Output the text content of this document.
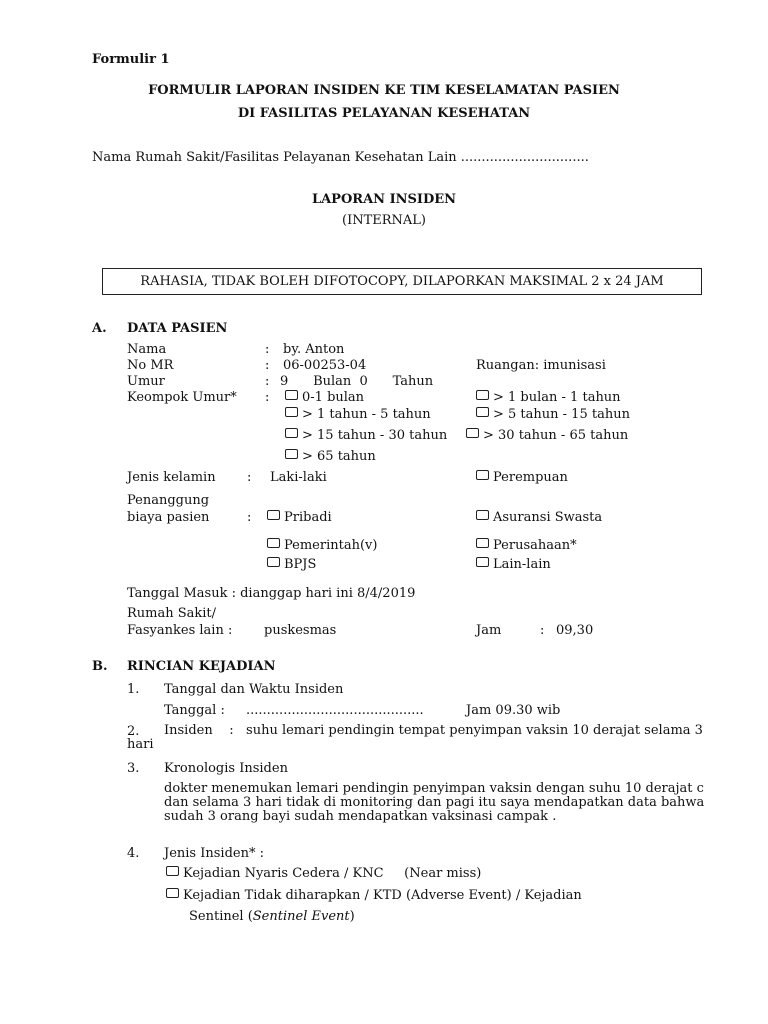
Formulir 1
FORMULIR LAPORAN INSIDEN KE TIM KESELAMATAN PASIEN
DI FASILITAS PELAYANAN KESEHATAN
Nama Rumah Sakit/Fasilitas Pelayanan Kesehatan Lain ...............................
LAPORAN INSIDEN
(INTERNAL)
RAHASIA, TIDAK BOLEH DIFOTOCOPY, DILAPORKAN MAKSIMAL 2 x 24 JAM
A. DATA PASIEN
Nama	: by. Anton
No MR	: 06-00253-04	Ruangan: imunisasi
Umur	: 9      Bulan  0      Tahun
Keompok Umur* :	0-1 bulan	> 1 bulan - 1 tahun
> 1 tahun - 5 tahun	> 5 tahun - 15 tahun
> 15 tahun - 30 tahun	> 30 tahun - 65 tahun
> 65 tahun
Jenis kelamin : Laki-laki	Perempuan
Penanggung
biaya pasien	:	Pribadi	Asuransi Swasta
Pemerintah(v)	Perusahaan*
BPJS	Lain-lain
Tanggal Masuk : dianggap hari ini 8/4/2019
Rumah Sakit/
Fasyankes lain : puskesmas	Jam	: 09,30
B. RINCIAN KEJADIAN
1. Tanggal dan Waktu Insiden
Tanggal : ...........................................	Jam 09.30 wib
2.	Insiden    :   suhu lemari pendingin tempat penyimpan vaksin 10 derajat selama 3 hari
3. Kronologis Insiden
dokter menemukan lemari pendingin penyimpan vaksin dengan suhu 10 derajat c dan selama 3 hari tidak di monitoring dan pagi itu saya mendapatkan data bahwa sudah 3 orang bayi sudah mendapatkan vaksinasi campak .
4. Jenis Insiden* :
Kejadian Nyaris Cedera / KNC     (Near miss)
Kejadian Tidak diharapkan / KTD (Adverse Event) / Kejadian
Sentinel (Sentinel Event)
